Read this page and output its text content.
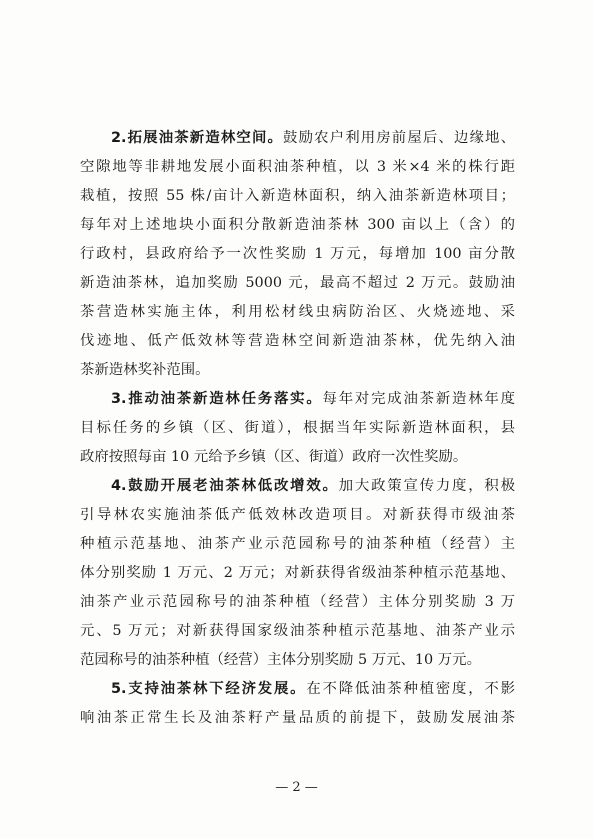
2.拓展油茶新造林空间。鼓励农户利用房前屋后、边缘地、
空隙地等非耕地发展小面积油茶种植，以 3 米×4 米的株行距
栽植，按照 55 株/亩计入新造林面积，纳入油茶新造林项目；
每年对上述地块小面积分散新造油茶林 300 亩以上（含）的
行政村，县政府给予一次性奖励 1 万元，每增加 100 亩分散
新造油茶林，追加奖励 5000 元，最高不超过 2 万元。鼓励油
茶营造林实施主体，利用松材线虫病防治区、火烧迹地、采
伐迹地、低产低效林等营造林空间新造油茶林，优先纳入油
茶新造林奖补范围。
3.推动油茶新造林任务落实。每年对完成油茶新造林年度
目标任务的乡镇（区、街道），根据当年实际新造林面积，县
政府按照每亩 10 元给予乡镇（区、街道）政府一次性奖励。
4.鼓励开展老油茶林低改增效。加大政策宣传力度，积极
引导林农实施油茶低产低效林改造项目。对新获得市级油茶
种植示范基地、油茶产业示范园称号的油茶种植（经营）主
体分别奖励 1 万元、2 万元；对新获得省级油茶种植示范基地、
油茶产业示范园称号的油茶种植（经营）主体分别奖励 3 万
元、5 万元；对新获得国家级油茶种植示范基地、油茶产业示
范园称号的油茶种植（经营）主体分别奖励 5 万元、10 万元。
5.支持油茶林下经济发展。在不降低油茶种植密度，不影
响油茶正常生长及油茶籽产量品质的前提下，鼓励发展油茶
— 2 —
